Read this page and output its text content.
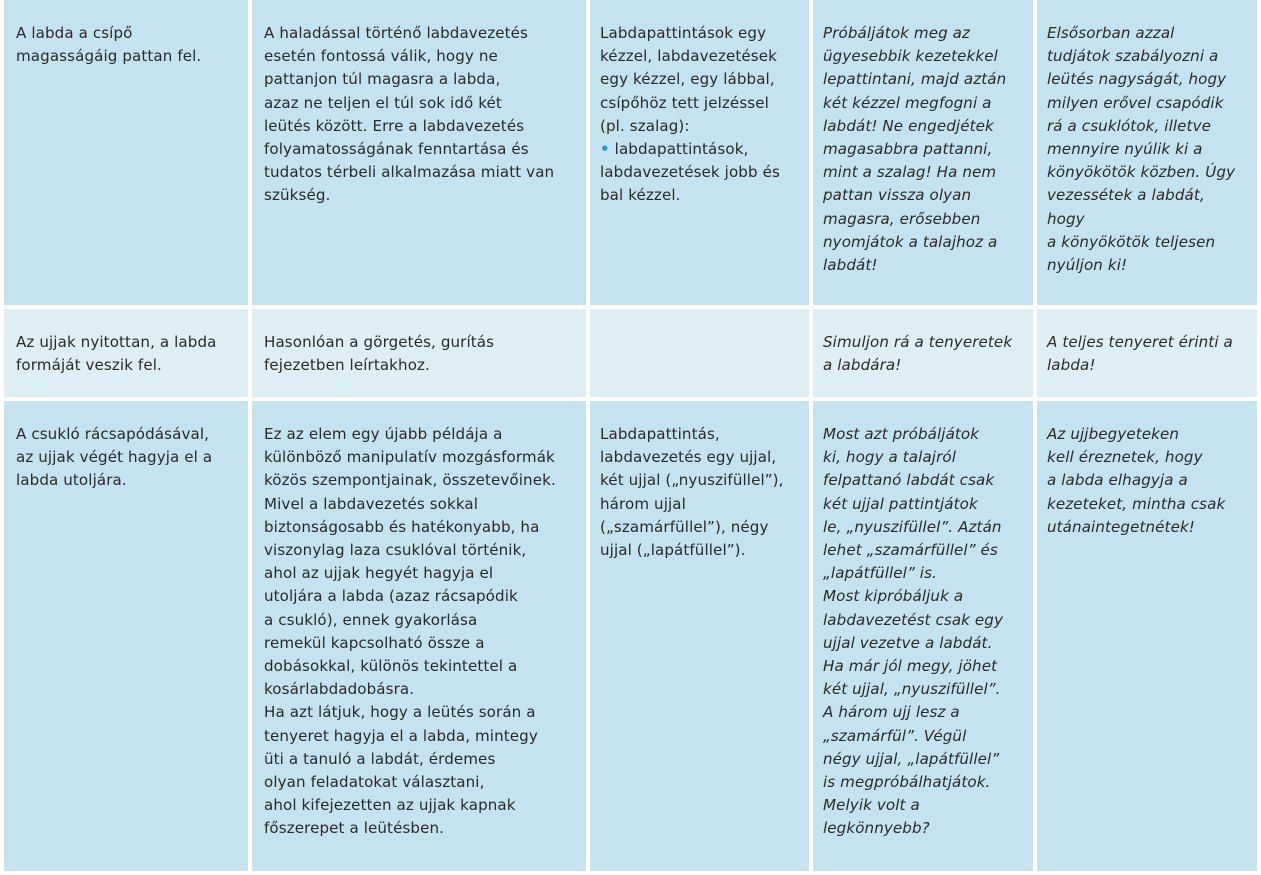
A labda a csípő
magasságáig pattan fel.
A haladással történő labdavezetés
esetén fontossá válik, hogy ne
pattanjon túl magasra a labda,
azaz ne teljen el túl sok idő két
leütés között. Erre a labdavezetés
folyamatosságának fenntartása és
tudatos térbeli alkalmazása miatt van
szükség.

Labdapattintások egy
kézzel, labdavezetések
egy kézzel, egy lábbal,
csípőhöz tett jelzéssel
(pl. szalag):

• labdapattintások,
labdavezetések jobb és
bal kézzel.

Próbáljátok meg az
ügyesebbik kezetekkel
lepattintani, majd aztán
két kézzel megfogni a
labdát! Ne engedjétek
magasabbra pattanni,
mint a szalag! Ha nem
pattan vissza olyan
magasra, erősebben
nyomjátok a talajhoz a
labdát!
Elsősorban azzal
tudjátok szabályozni a
leütés nagyságát, hogy
milyen erővel csapódik
rá a csuklótok, illetve
mennyire nyúlik ki a
könyökötök közben. Úgy
vezessétek a labdát, hogy
a könyökötök teljesen
nyúljon ki!
Az ujjak nyitottan, a labda
formáját veszik fel.
Hasonlóan a görgetés, gurítás
fejezetben leírtakhoz.
Simuljon rá a tenyeretek
a labdára!
A teljes tenyeret érinti a
labda!
A csukló rácsapódásával,
az ujjak végét hagyja el a
labda utoljára.
Ez az elem egy újabb példája a
különböző manipulatív mozgásformák
közös szempontjainak, összetevőinek.
Mivel a labdavezetés sokkal
biztonságosabb és hatékonyabb, ha
viszonylag laza csuklóval történik,
ahol az ujjak hegyét hagyja el
utoljára a labda (azaz rácsapódik
a csukló), ennek gyakorlása
remekül kapcsolható össze a
dobásokkal, különös tekintettel a
kosárlabdadobásra.
Ha azt látjuk, hogy a leütés során a
tenyeret hagyja el a labda, mintegy
üti a tanuló a labdát, érdemes
olyan feladatokat választani,
ahol kifejezetten az ujjak kapnak
főszerepet a leütésben.
Labdapattintás,
labdavezetés egy ujjal,
két ujjal („nyuszifüllel”),
három ujjal
(„szamárfüllel”), négy
ujjal („lapátfüllel”).
Most azt próbáljátok
ki, hogy a talajról
felpattanó labdát csak
két ujjal pattintjátok
le, „nyuszifüllel”. Aztán
lehet „szamárfüllel” és
„lapátfüllel” is.
Most kipróbáljuk a
labdavezetést csak egy
ujjal vezetve a labdát.
Ha már jól megy, jöhet
két ujjal, „nyuszifüllel”.
A három ujj lesz a
„szamárfül”. Végül
négy ujjal, „lapátfüllel”
is megpróbálhatjátok.
Melyik volt a
legkönnyebb?
Az ujjbegyeteken
kell éreznetek, hogy
a labda elhagyja a
kezeteket, mintha csak
utánaintegetnétek!
